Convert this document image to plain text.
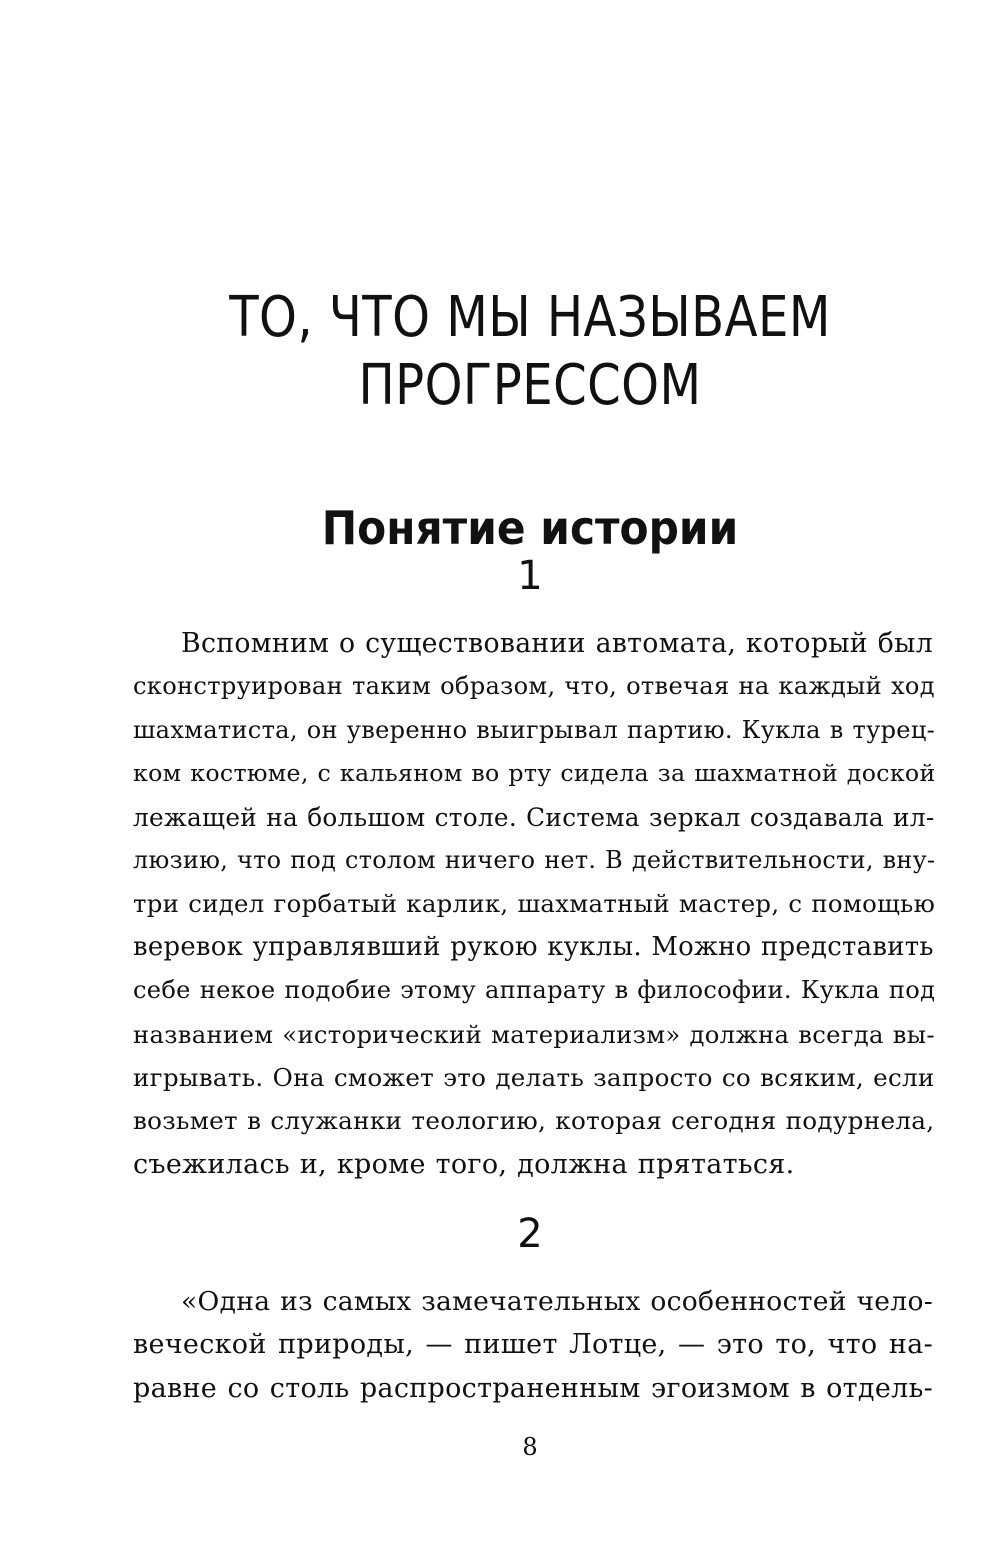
ТО, ЧТО МЫ НАЗЫВАЕМ
ПРОГРЕССОМ
Понятие истории
1
Вспомним о существовании автомата, который был
сконструирован таким образом, что, отвечая на каждый ход
шахматиста, он уверенно выигрывал партию. Кукла в турец-
ком костюме, с кальяном во рту сидела за шахматной доской
лежащей на большом столе. Система зеркал создавала ил-
люзию, что под столом ничего нет. В действительности, вну-
три сидел горбатый карлик, шахматный мастер, с помощью
веревок управлявший рукою куклы. Можно представить
себе некое подобие этому аппарату в философии. Кукла под
названием «исторический материализм» должна всегда вы-
игрывать. Она сможет это делать запросто со всяким, если
возьмет в служанки теологию, которая сегодня подурнела,
съежилась и, кроме того, должна прятаться.
2
«Одна из самых замечательных особенностей чело-
веческой природы, — пишет Лотце, — это то, что на-
равне со столь распространенным эгоизмом в отдель-
8
